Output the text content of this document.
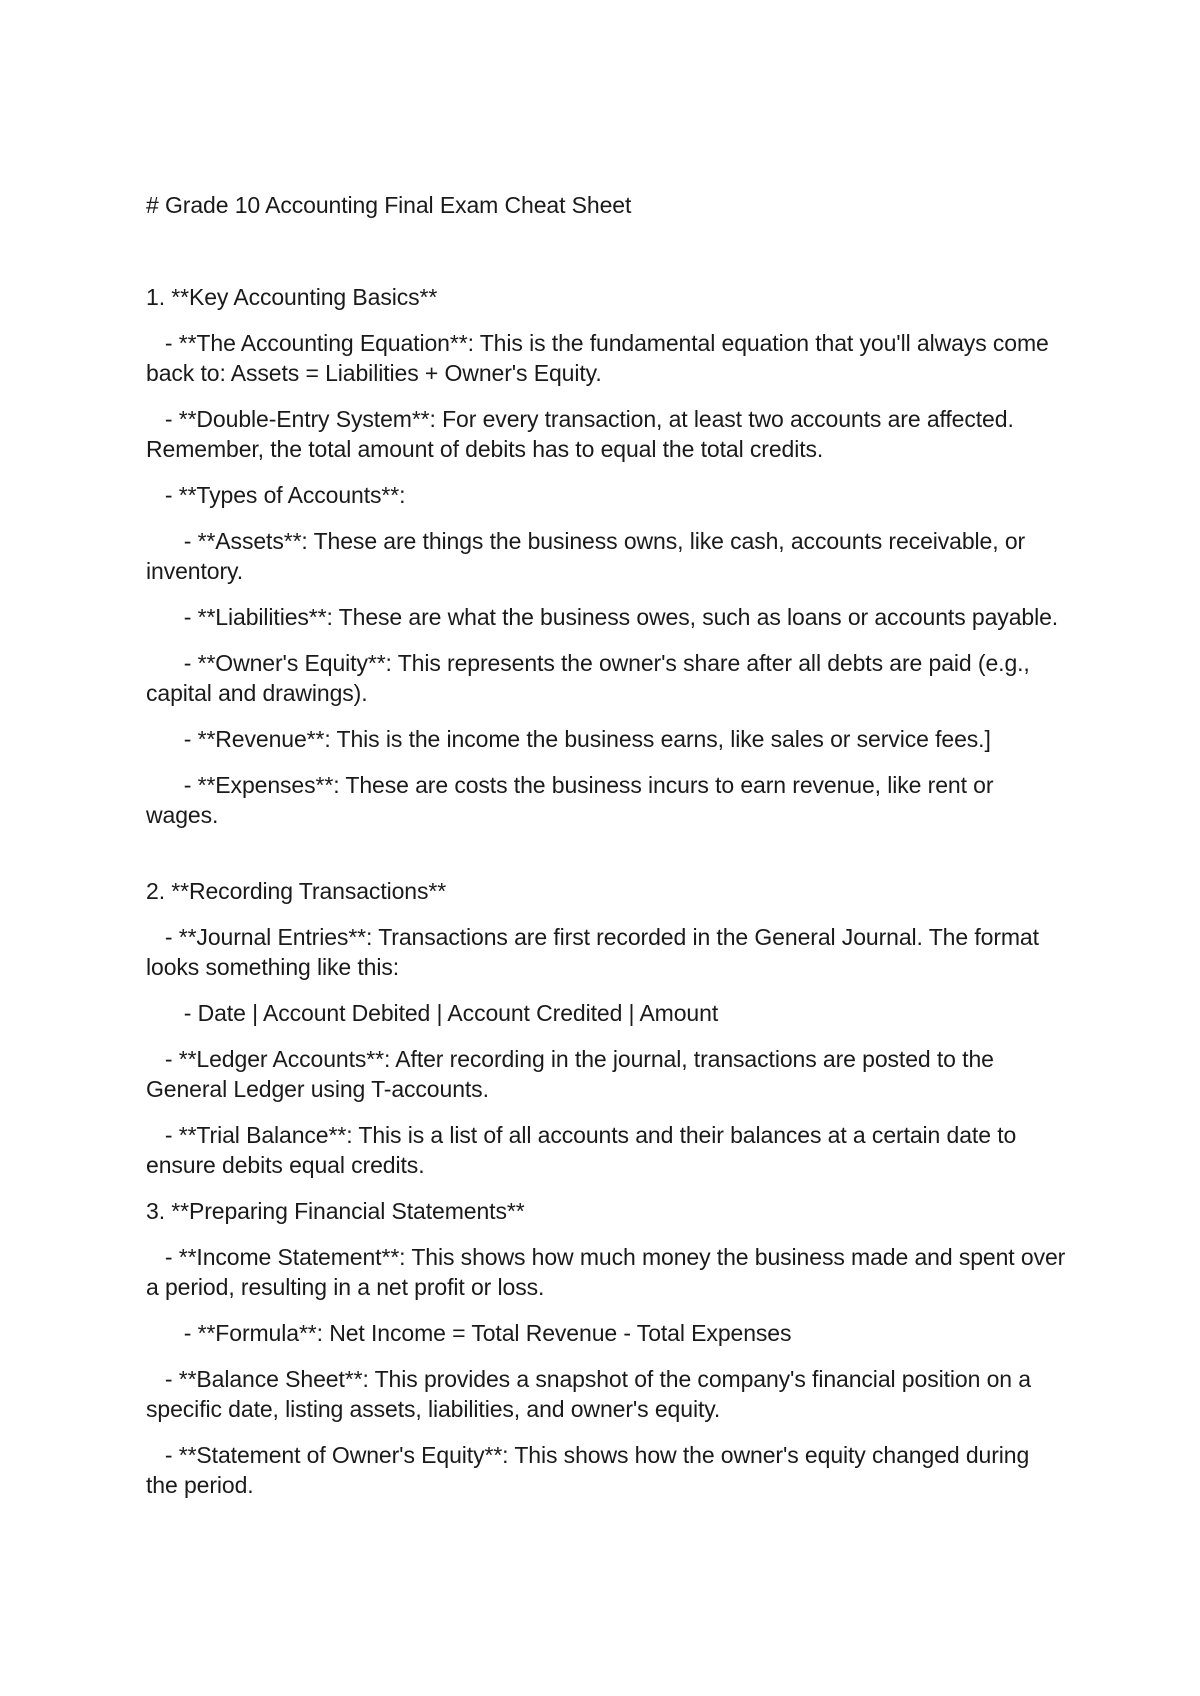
# Grade 10 Accounting Final Exam Cheat Sheet

1. **Key Accounting Basics**

- **The Accounting Equation**: This is the fundamental equation that you'll always come back to: Assets = Liabilities + Owner's Equity.

- **Double-Entry System**: For every transaction, at least two accounts are affected. Remember, the total amount of debits has to equal the total credits.

- **Types of Accounts**:

- **Assets**: These are things the business owns, like cash, accounts receivable, or inventory.

- **Liabilities**: These are what the business owes, such as loans or accounts payable.

- **Owner's Equity**: This represents the owner's share after all debts are paid (e.g., capital and drawings).

- **Revenue**: This is the income the business earns, like sales or service fees.]

- **Expenses**: These are costs the business incurs to earn revenue, like rent or wages.

2. **Recording Transactions**

- **Journal Entries**: Transactions are first recorded in the General Journal. The format looks something like this:

- Date | Account Debited | Account Credited | Amount

- **Ledger Accounts**: After recording in the journal, transactions are posted to the General Ledger using T-accounts.

- **Trial Balance**: This is a list of all accounts and their balances at a certain date to ensure debits equal credits.

3. **Preparing Financial Statements**

- **Income Statement**: This shows how much money the business made and spent over a period, resulting in a net profit or loss.

- **Formula**: Net Income = Total Revenue - Total Expenses

- **Balance Sheet**: This provides a snapshot of the company's financial position on a specific date, listing assets, liabilities, and owner's equity.

- **Statement of Owner's Equity**: This shows how the owner's equity changed during the period.
